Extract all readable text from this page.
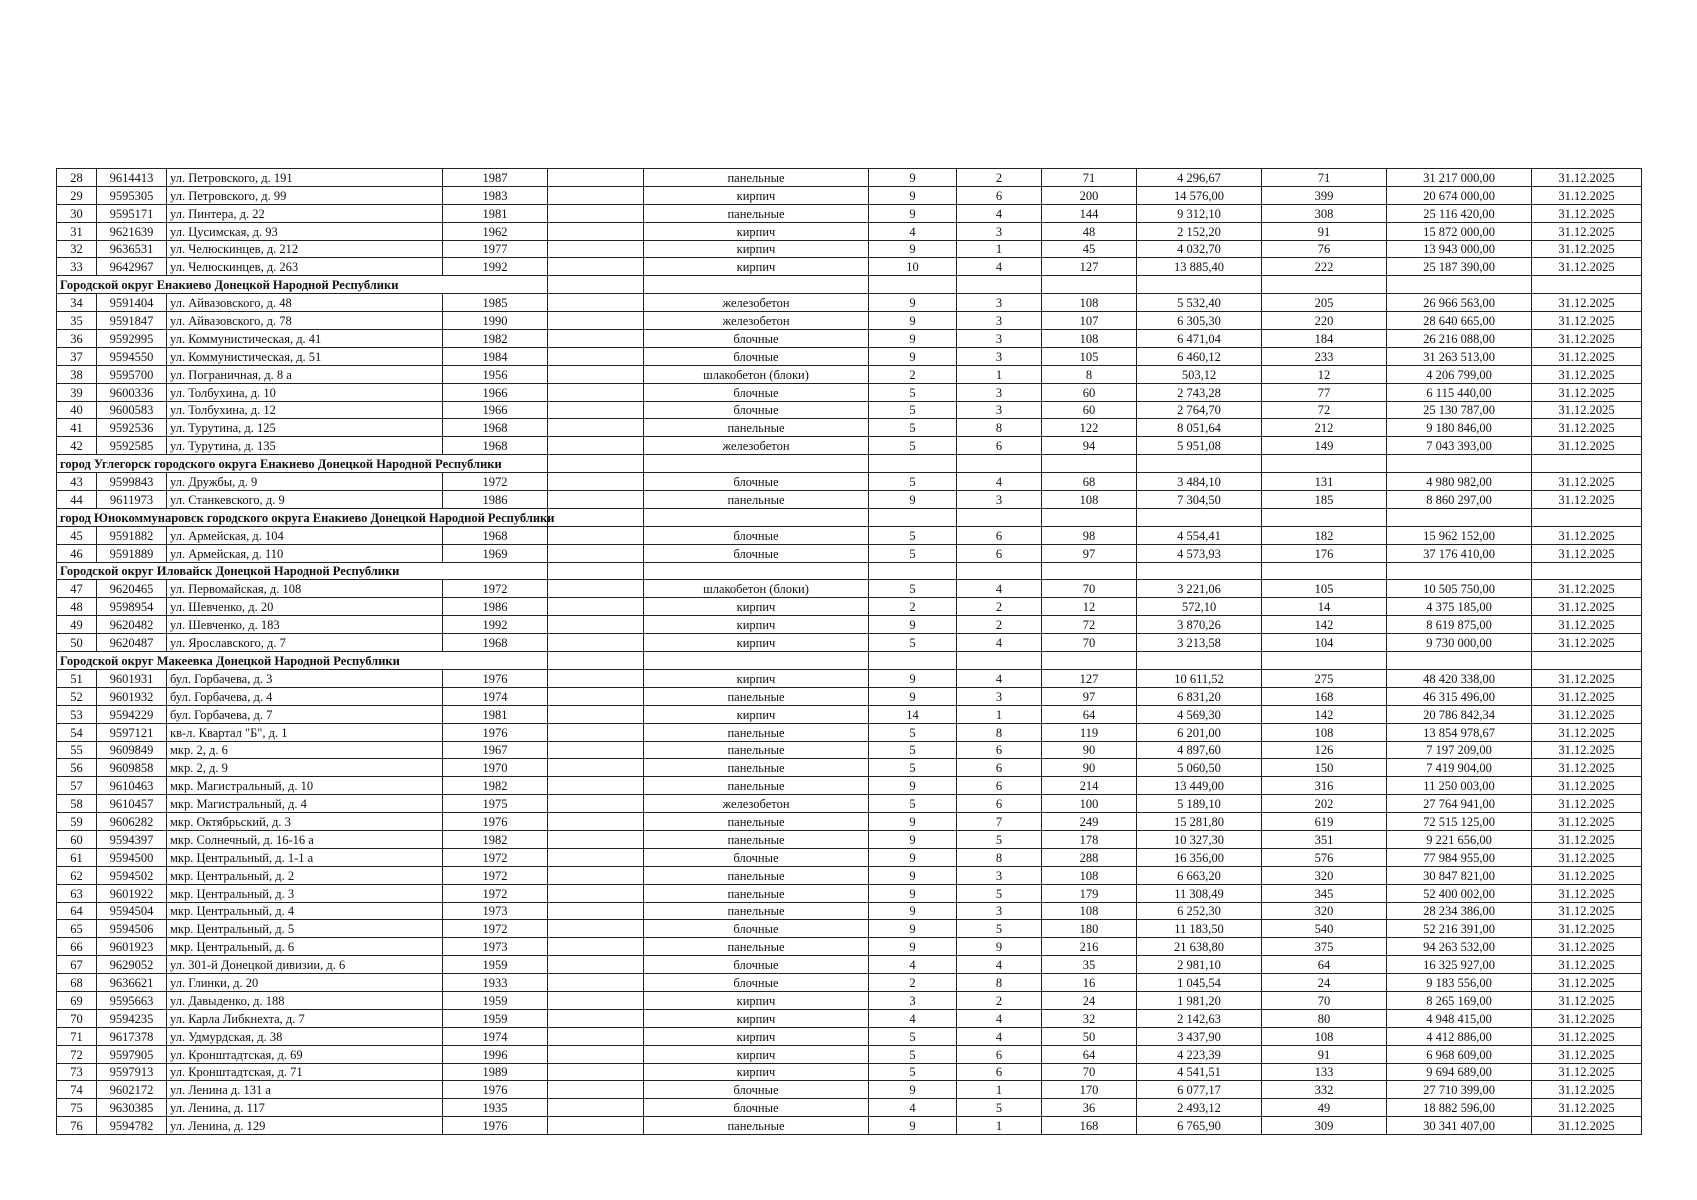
28	9614413	ул. Петровского, д. 191	1987		панельные	9	2	71	4 296,67	71	31 217 000,00	31.12.2025
29	9595305	ул. Петровского, д. 99	1983		кирпич	9	6	200	14 576,00	399	20 674 000,00	31.12.2025
30	9595171	ул. Пинтера, д. 22	1981		панельные	9	4	144	9 312,10	308	25 116 420,00	31.12.2025
31	9621639	ул. Цусимская, д. 93	1962		кирпич	4	3	48	2 152,20	91	15 872 000,00	31.12.2025
32	9636531	ул. Челюскинцев, д. 212	1977		кирпич	9	1	45	4 032,70	76	13 943 000,00	31.12.2025
33	9642967	ул. Челюскинцев, д. 263	1992		кирпич	10	4	127	13 885,40	222	25 187 390,00	31.12.2025
Городской округ Енакиево Донецкой Народной Республики												
34	9591404	ул. Айвазовского, д. 48	1985		железобетон	9	3	108	5 532,40	205	26 966 563,00	31.12.2025
35	9591847	ул. Айвазовского, д. 78	1990		железобетон	9	3	107	6 305,30	220	28 640 665,00	31.12.2025
36	9592995	ул. Коммунистическая, д. 41	1982		блочные	9	3	108	6 471,04	184	26 216 088,00	31.12.2025
37	9594550	ул. Коммунистическая, д. 51	1984		блочные	9	3	105	6 460,12	233	31 263 513,00	31.12.2025
38	9595700	ул. Пограничная, д. 8 а	1956		шлакобетон (блоки)	2	1	8	503,12	12	4 206 799,00	31.12.2025
39	9600336	ул. Толбухина, д. 10	1966		блочные	5	3	60	2 743,28	77	6 115 440,00	31.12.2025
40	9600583	ул. Толбухина, д. 12	1966		блочные	5	3	60	2 764,70	72	25 130 787,00	31.12.2025
41	9592536	ул. Турутина, д. 125	1968		панельные	5	8	122	8 051,64	212	9 180 846,00	31.12.2025
42	9592585	ул. Турутина, д. 135	1968		железобетон	5	6	94	5 951,08	149	7 043 393,00	31.12.2025
город Углегорск городского округа Енакиево Донецкой Народной Республики												
43	9599843	ул. Дружбы, д. 9	1972		блочные	5	4	68	3 484,10	131	4 980 982,00	31.12.2025
44	9611973	ул. Станкевского, д. 9	1986		панельные	9	3	108	7 304,50	185	8 860 297,00	31.12.2025
город Юнокоммунаровск городского округа Енакиево Донецкой Народной Республики												
45	9591882	ул. Армейская, д. 104	1968		блочные	5	6	98	4 554,41	182	15 962 152,00	31.12.2025
46	9591889	ул. Армейская, д. 110	1969		блочные	5	6	97	4 573,93	176	37 176 410,00	31.12.2025
Городской округ Иловайск Донецкой Народной Республики												
47	9620465	ул. Первомайская, д. 108	1972		шлакобетон (блоки)	5	4	70	3 221,06	105	10 505 750,00	31.12.2025
48	9598954	ул. Шевченко, д. 20	1986		кирпич	2	2	12	572,10	14	4 375 185,00	31.12.2025
49	9620482	ул. Шевченко, д. 183	1992		кирпич	9	2	72	3 870,26	142	8 619 875,00	31.12.2025
50	9620487	ул. Ярославского, д. 7	1968		кирпич	5	4	70	3 213,58	104	9 730 000,00	31.12.2025
Городской округ Макеевка Донецкой Народной Республики												
51	9601931	бул. Горбачева, д. 3	1976		кирпич	9	4	127	10 611,52	275	48 420 338,00	31.12.2025
52	9601932	бул. Горбачева, д. 4	1974		панельные	9	3	97	6 831,20	168	46 315 496,00	31.12.2025
53	9594229	бул. Горбачева, д. 7	1981		кирпич	14	1	64	4 569,30	142	20 786 842,34	31.12.2025
54	9597121	кв-л. Квартал "Б", д. 1	1976		панельные	5	8	119	6 201,00	108	13 854 978,67	31.12.2025
55	9609849	мкр. 2, д. 6	1967		панельные	5	6	90	4 897,60	126	7 197 209,00	31.12.2025
56	9609858	мкр. 2, д. 9	1970		панельные	5	6	90	5 060,50	150	7 419 904,00	31.12.2025
57	9610463	мкр. Магистральный, д. 10	1982		панельные	9	6	214	13 449,00	316	11 250 003,00	31.12.2025
58	9610457	мкр. Магистральный, д. 4	1975		железобетон	5	6	100	5 189,10	202	27 764 941,00	31.12.2025
59	9606282	мкр. Октябрьский, д. 3	1976		панельные	9	7	249	15 281,80	619	72 515 125,00	31.12.2025
60	9594397	мкр. Солнечный, д. 16-16 а	1982		панельные	9	5	178	10 327,30	351	9 221 656,00	31.12.2025
61	9594500	мкр. Центральный, д. 1-1 а	1972		блочные	9	8	288	16 356,00	576	77 984 955,00	31.12.2025
62	9594502	мкр. Центральный, д. 2	1972		панельные	9	3	108	6 663,20	320	30 847 821,00	31.12.2025
63	9601922	мкр. Центральный, д. 3	1972		панельные	9	5	179	11 308,49	345	52 400 002,00	31.12.2025
64	9594504	мкр. Центральный, д. 4	1973		панельные	9	3	108	6 252,30	320	28 234 386,00	31.12.2025
65	9594506	мкр. Центральный, д. 5	1972		блочные	9	5	180	11 183,50	540	52 216 391,00	31.12.2025
66	9601923	мкр. Центральный, д. 6	1973		панельные	9	9	216	21 638,80	375	94 263 532,00	31.12.2025
67	9629052	ул. 301-й Донецкой дивизии, д. 6	1959		блочные	4	4	35	2 981,10	64	16 325 927,00	31.12.2025
68	9636621	ул. Глинки, д. 20	1933		блочные	2	8	16	1 045,54	24	9 183 556,00	31.12.2025
69	9595663	ул. Давыденко, д. 188	1959		кирпич	3	2	24	1 981,20	70	8 265 169,00	31.12.2025
70	9594235	ул. Карла Либкнехта, д. 7	1959		кирпич	4	4	32	2 142,63	80	4 948 415,00	31.12.2025
71	9617378	ул. Удмурдская, д. 38	1974		кирпич	5	4	50	3 437,90	108	4 412 886,00	31.12.2025
72	9597905	ул. Кронштадтская, д. 69	1996		кирпич	5	6	64	4 223,39	91	6 968 609,00	31.12.2025
73	9597913	ул. Кронштадтская, д. 71	1989		кирпич	5	6	70	4 541,51	133	9 694 689,00	31.12.2025
74	9602172	ул. Ленина д. 131 а	1976		блочные	9	1	170	6 077,17	332	27 710 399,00	31.12.2025
75	9630385	ул. Ленина, д. 117	1935		блочные	4	5	36	2 493,12	49	18 882 596,00	31.12.2025
76	9594782	ул. Ленина, д. 129	1976		панельные	9	1	168	6 765,90	309	30 341 407,00	31.12.2025
